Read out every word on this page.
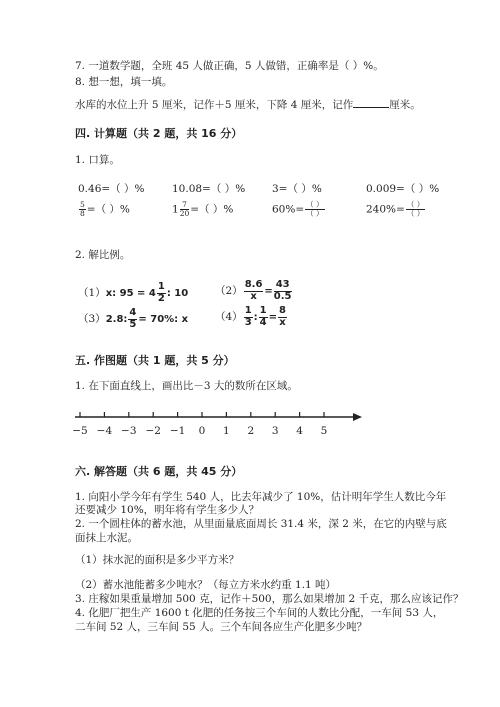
7. 一道数学题，全班 45 人做正确，5 人做错，正确率是（ ）%。
8. 想一想，填一填。
水库的水位上升 5 厘米，记作＋5 厘米，下降 4 厘米，记作	厘米。
四. 计算题（共 2 题，共 16 分）
1. 口算。
0.46=（ ）%	10.08=（ ）%	3=（ ）%	0.009=（ ）%
$\frac{5}{8}$ =（ ）%	$1 \frac{7}{20}$ =（ ）%	$60\%= \frac{( )}{( )}$	$240\%= \frac{( )}{( )}$
2. 解比例。
（1）x: $95 = 4 \frac{1}{2}$ : 10	$(2) \frac{8.6}{x} = \frac{43}{0.5}$
（3）2.8: $\frac{4}{5} = 70\%$: x	$(4) \frac{1}{3}$ : $\frac{1}{4} = \frac{8}{x}$
五. 作图题（共 1 题，共 5 分）
1. 在下面直线上，画出比－3 大的数所在区域。
−5 −4 −3 −2 −1 0 1 2 3 4 5
六. 解答题（共 6 题，共 45 分）
1. 向阳小学今年有学生 540 人，比去年减少了 10%，估计明年学生人数比今年
还要减少 10%，明年将有学生多少人？
2. 一个圆柱体的蓄水池，从里面量底面周长 31.4 米，深 2 米，在它的内壁与底
面抹上水泥。
（1）抹水泥的面积是多少平方米？
（2）蓄水池能蓄多少吨水？（每立方米水约重 1.1 吨）
3. 庄稼如果重量增加 500 克，记作＋500，那么如果增加 2 千克，那么应该记作？
4. 化肥厂把生产 1600 t 化肥的任务按三个车间的人数比分配，一车间 53 人，
二车间 52 人，三车间 55 人。三个车间各应生产化肥多少吨？
